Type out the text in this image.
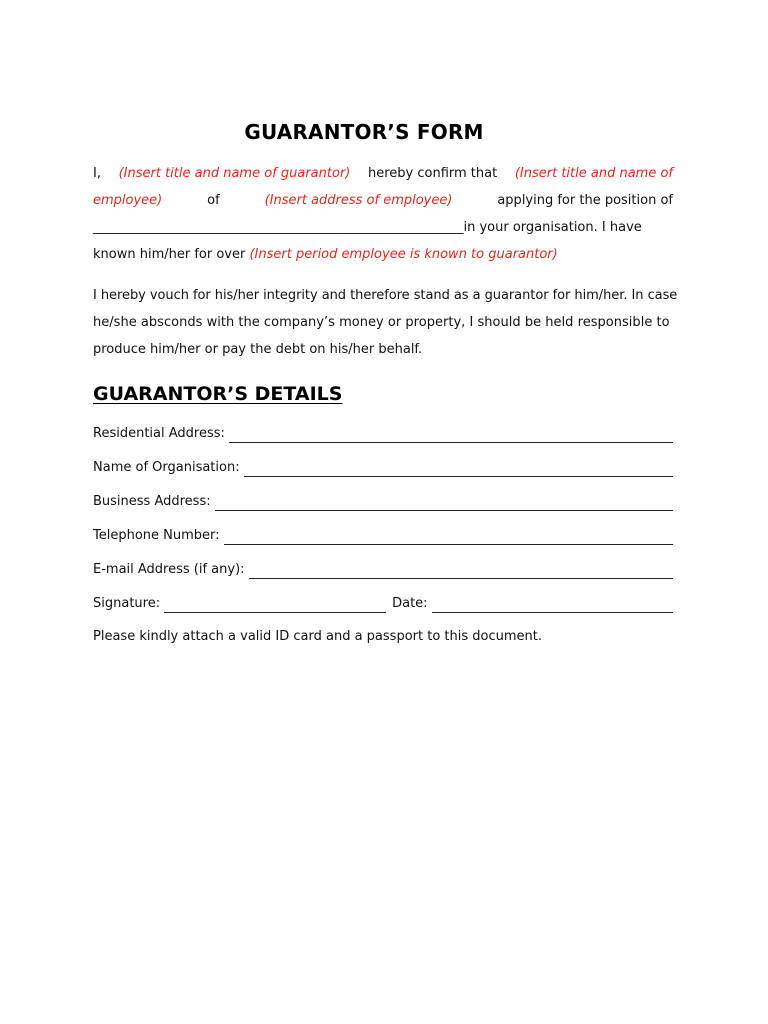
GUARANTOR’S FORM
I, (Insert title and name of guarantor) hereby confirm that (Insert title and name of
employee)	of	(Insert address of employee)	applying for the position of
_________________________________________________________in your organisation. I have
known him/her for over (Insert period employee is known to guarantor)
I hereby vouch for his/her integrity and therefore stand as a guarantor for him/her. In case
he/she absconds with the company’s money or property, I should be held responsible to
produce him/her or pay the debt on his/her behalf.
GUARANTOR’S DETAILS
Residential Address:
Name of Organisation:
Business Address:
Telephone Number:
E-mail Address (if any):
Signature:	Date:
Please kindly attach a valid ID card and a passport to this document.
